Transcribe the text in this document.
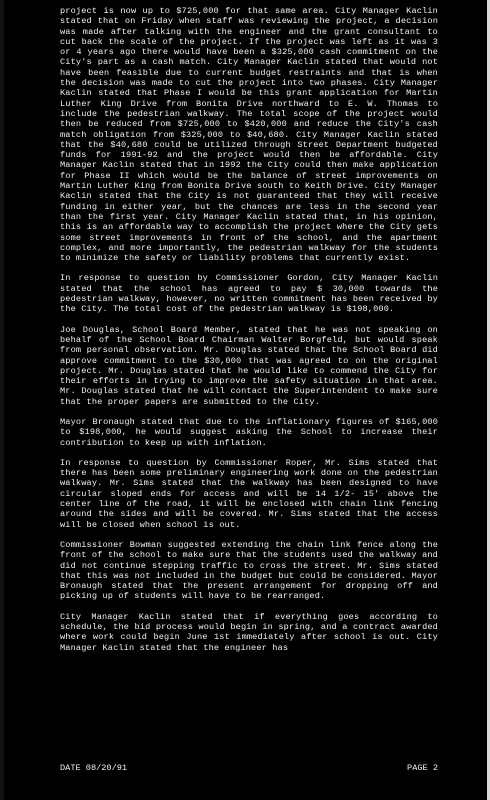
project is now up to $725,000 for that same area. City Manager Kaclin stated that on Friday when staff was reviewing the project, a decision was made after talking with the engineer and the grant consultant to cut back the scale of the project. If the project was left as it was 3 or 4 years ago there would have been a $325,000 cash commitment on the City's part as a cash match. City Manager Kaclin stated that would not have been feasible due to current budget restraints and that is when the decision was made to cut the project into two phases. City Manager Kaclin stated that Phase I would be this grant application for Martin Luther King Drive from Bonita Drive northward to E. W. Thomas to include the pedestrian walkway. The total scope of the project would then be reduced from $725,000 to $420,000 and reduce the City's cash match obligation from $325,000 to $40,680. City Manager Kaclin stated that the $40,680 could be utilized through Street Department budgeted funds for 1991-92 and the project would then be affordable. City Manager Kaclin stated that in 1992 the City could then make application for Phase II which would be the balance of street improvements on Martin Luther King from Bonita Drive south to Keith Drive. City Manager Kaclin stated that the City is not guaranteed that they will receive funding in either year, but the chances are less in the second year than the first year. City Manager Kaclin stated that, in his opinion, this is an affordable way to accomplish the project where the City gets some street improvements in front of the school, and the apartment complex, and more importantly, the pedestrian walkway for the students to minimize the safety or liability problems that currently exist.

In response to question by Commissioner Gordon, City Manager Kaclin stated that the school has agreed to pay $ 30,000 towards the pedestrian walkway, however, no written commitment has been received by the City. The total cost of the pedestrian walkway is $198,000.

Joe Douglas, School Board Member, stated that he was not speaking on behalf of the School Board Chairman Walter Borgfeld, but would speak from personal observation. Mr. Douglas stated that the School Board did approve commitment to the $30,000 that was agreed to on the original project. Mr. Douglas stated that he would like to commend the City for their efforts in trying to improve the safety situation in that area. Mr. Douglas stated that he will contact the Superintendent to make sure that the proper papers are submitted to the City.

Mayor Bronaugh stated that due to the inflationary figures of $165,000 to $198,000, he would suggest asking the School to increase their contribution to keep up with inflation.

In response to question by Commissioner Roper, Mr. Sims stated that there has been some preliminary engineering work done on the pedestrian walkway. Mr. Sims stated that the walkway has been designed to have circular sloped ends for access and will be 14 1/2- 15' above the center line of the road, it will be enclosed with chain link fencing around the sides and will be covered. Mr. Sims stated that the access will be closed when school is out.

Commissioner Bowman suggested extending the chain link fence along the front of the school to make sure that the students used the walkway and did not continue stepping traffic to cross the street. Mr. Sims stated that this was not included in the budget but could be considered. Mayor Bronaugh stated that the present arrangement for dropping off and picking up of students will have to be rearranged.

City Manager Kaclin stated that if everything goes according to schedule, the bid process would begin in spring, and a contract awarded where work could begin June 1st immediately after school is out. City Manager Kaclin stated that the engineer has

DATE 08/20/91	PAGE 2
